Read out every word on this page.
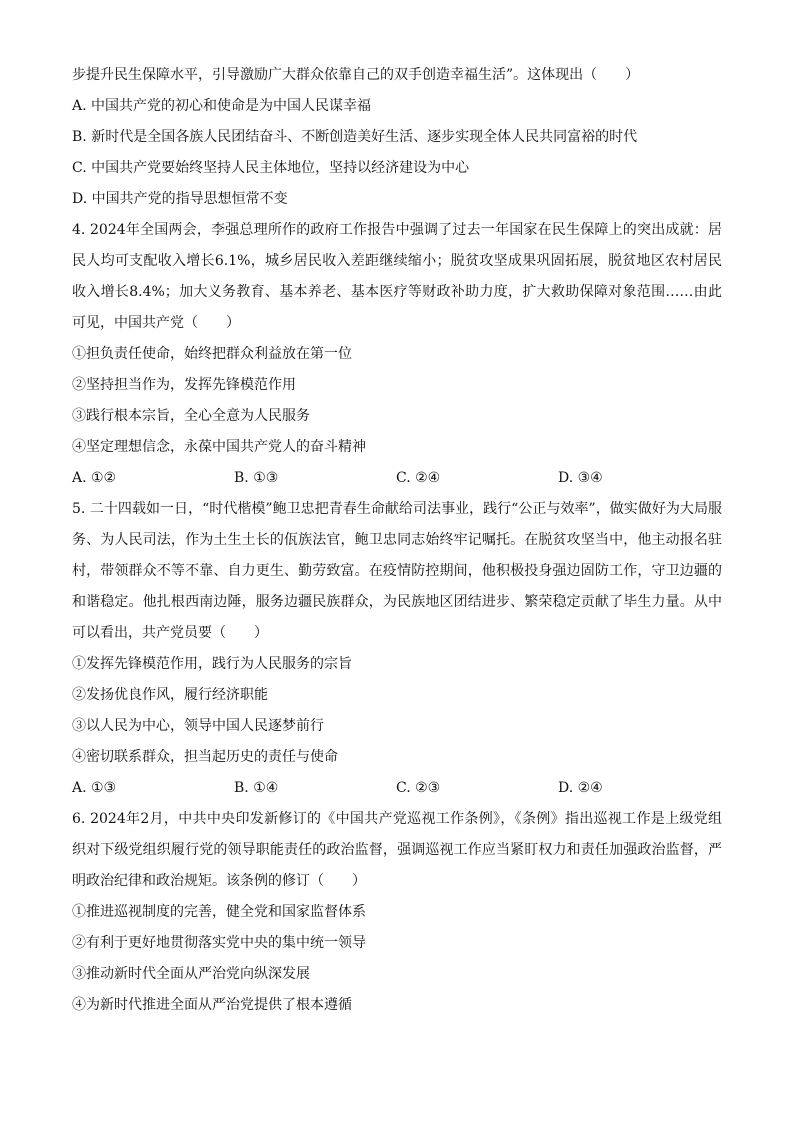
步提升民生保障水平，引导激励广大群众依靠自己的双手创造幸福生活”。这体现出（　　）

A. 中国共产党的初心和使命是为中国人民谋幸福

B. 新时代是全国各族人民团结奋斗、不断创造美好生活、逐步实现全体人民共同富裕的时代

C. 中国共产党要始终坚持人民主体地位，坚持以经济建设为中心

D. 中国共产党的指导思想恒常不变

4. 2024年全国两会，李强总理所作的政府工作报告中强调了过去一年国家在民生保障上的突出成就：居民人均可支配收入增长6.1%，城乡居民收入差距继续缩小；脱贫攻坚成果巩固拓展，脱贫地区农村居民收入增长8.4%；加大义务教育、基本养老、基本医疗等财政补助力度，扩大救助保障对象范围……由此可见，中国共产党（　　）

①担负责任使命，始终把群众利益放在第一位

②坚持担当作为，发挥先锋模范作用

③践行根本宗旨，全心全意为人民服务

④坚定理想信念，永葆中国共产党人的奋斗精神

A. ①②	B. ①③	C. ②④	D. ③④

5. 二十四载如一日，“时代楷模”鲍卫忠把青春生命献给司法事业，践行“公正与效率”，做实做好为大局服务、为人民司法，作为土生土长的佤族法官，鲍卫忠同志始终牢记嘱托。在脱贫攻坚当中，他主动报名驻村，带领群众不等不靠、自力更生、勤劳致富。在疫情防控期间，他积极投身强边固防工作，守卫边疆的和谐稳定。他扎根西南边陲，服务边疆民族群众，为民族地区团结进步、繁荣稳定贡献了毕生力量。从中可以看出，共产党员要（　　）

①发挥先锋模范作用，践行为人民服务的宗旨

②发扬优良作风，履行经济职能

③以人民为中心，领导中国人民逐梦前行

④密切联系群众，担当起历史的责任与使命

A. ①③	B. ①④	C. ②③	D. ②④

6. 2024年2月，中共中央印发新修订的《中国共产党巡视工作条例》，《条例》指出巡视工作是上级党组织对下级党组织履行党的领导职能责任的政治监督，强调巡视工作应当紧盯权力和责任加强政治监督，严明政治纪律和政治规矩。该条例的修订（　　）

①推进巡视制度的完善，健全党和国家监督体系

②有利于更好地贯彻落实党中央的集中统一领导

③推动新时代全面从严治党向纵深发展

④为新时代推进全面从严治党提供了根本遵循
